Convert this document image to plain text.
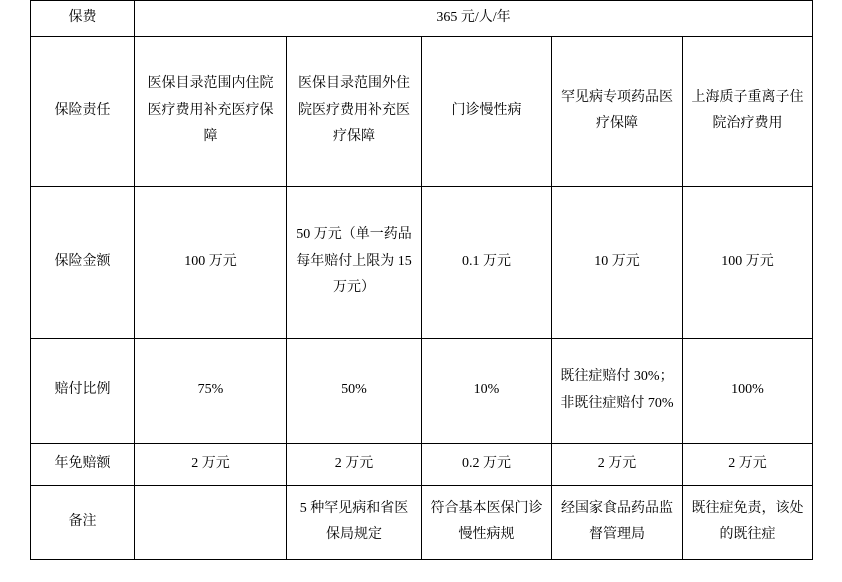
保费	365 元/人/年				
保险责任	医保目录范围内住院医疗费用补充医疗保障	医保目录范围外住院医疗费用补充医疗保障	门诊慢性病	罕见病专项药品医疗保障	上海质子重离子住院治疗费用
保险金额	100 万元	50 万元（单一药品每年赔付上限为 15 万元）	0.1 万元	10 万元	100 万元
赔付比例	75%	50%	10%	既往症赔付 30%；非既往症赔付 70%	100%
年免赔额	2 万元	2 万元	0.2 万元	2 万元	2 万元
备注		5 种罕见病和省医保局规定	符合基本医保门诊慢性病规	经国家食品药品监督管理局	既往症免责，该处的既往症
